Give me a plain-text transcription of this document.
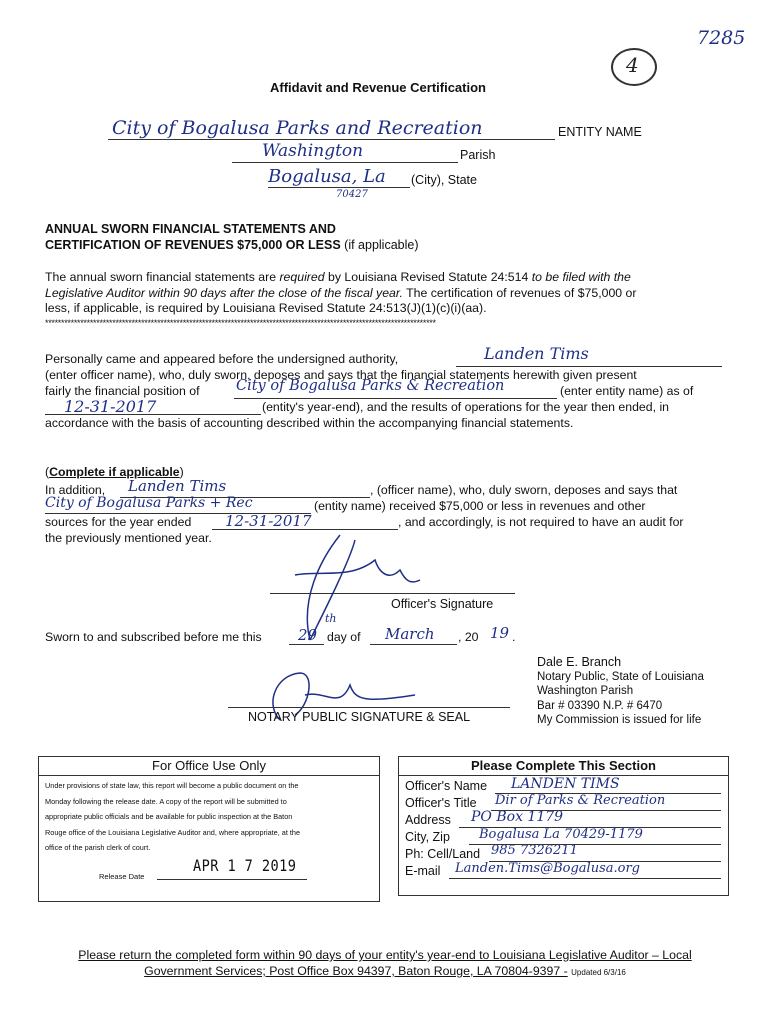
7285
4
Affidavit and Revenue Certification
City of Bogalusa Parks and Recreation	ENTITY NAME
Washington	Parish
Bogalusa, La
70427
(City), State
ANNUAL SWORN FINANCIAL STATEMENTS AND
CERTIFICATION OF REVENUES $75,000 OR LESS (if applicable)
The annual sworn financial statements are required by Louisiana Revised Statute 24:514 to be filed with the
Legislative Auditor within 90 days after the close of the fiscal year. The certification of revenues of $75,000 or
less, if applicable, is required by Louisiana Revised Statute 24:513(J)(1)(c)(i)(aa).
**************************************************************************************************************************
Personally came and appeared before the undersigned authority,	Landen Tims
(enter officer name), who, duly sworn, deposes and says that the financial statements herewith given present
fairly the financial position of	City of Bogalusa Parks & Recreation	(enter entity name) as of
12-31-2017	(entity's year-end), and the results of operations for the year then ended, in
accordance with the basis of accounting described within the accompanying financial statements.
(Complete if applicable)
In addition, Landen Tims	, (officer name), who, duly sworn, deposes and says that
City of Bogalusa Parks + Rec	(entity name) received $75,000 or less in revenues and other
sources for the year ended 12-31-2017	, and accordingly, is not required to have an audit for
the previously mentioned year.
Officer's Signature
Sworn to and subscribed before me this 29
th
day of March , 20 19 .
NOTARY PUBLIC SIGNATURE & SEAL
Dale E. Branch
Notary Public, State of Louisiana
Washington Parish
Bar # 03390 N.P. # 6470
My Commission is issued for life
For Office Use Only
Under provisions of state law, this report will become a public document on the
Monday following the release date. A copy of the report will be submitted to
appropriate public officials and be available for public inspection at the Baton
Rouge office of the Louisiana Legislative Auditor and, where appropriate, at the
office of the parish clerk of court.
Release Date
APR 1 7 2019
Please Complete This Section
Officer's Name LANDEN TIMS
Officer's Title Dir of Parks & Recreation
Address PO Box 1179
City, Zip Bogalusa La 70429-1179
Ph: Cell/Land 985 7326211
E-mail Landen.Tims@Bogalusa.org
Please return the completed form within 90 days of your entity's year-end to Louisiana Legislative Auditor – Local
Government Services; Post Office Box 94397, Baton Rouge, LA 70804-9397 - Updated 6/3/16
